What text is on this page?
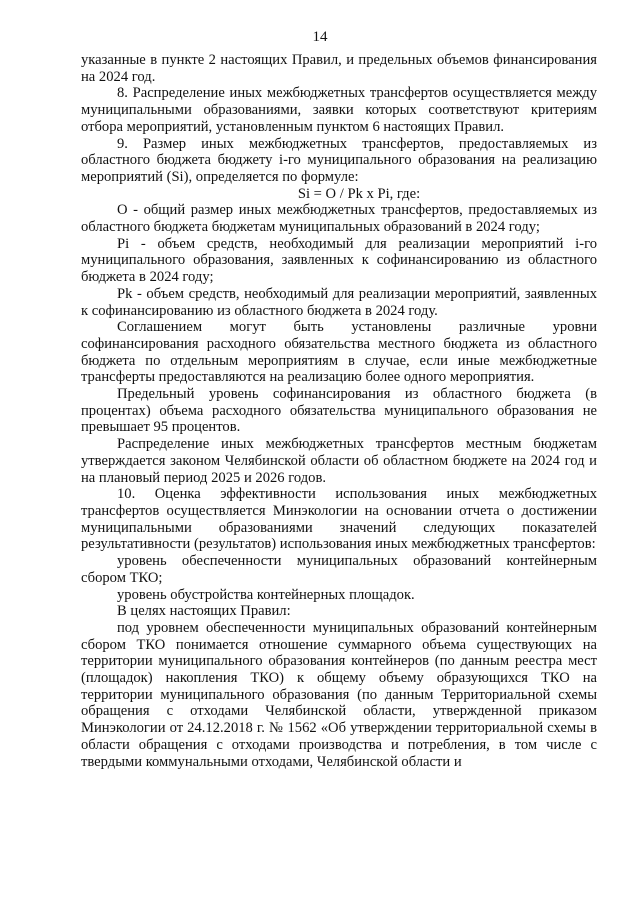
14

указанные в пункте 2 настоящих Правил, и предельных объемов финансирования на 2024 год.

8. Распределение иных межбюджетных трансфертов осуществляется между муниципальными образованиями, заявки которых соответствуют критериям отбора мероприятий, установленным пунктом 6 настоящих Правил.

9. Размер иных межбюджетных трансфертов, предоставляемых из областного бюджета бюджету i-го муниципального образования на реализацию мероприятий (Si), определяется по формуле:

Si = O / Pk x Pi, где:

O - общий размер иных межбюджетных трансфертов, предоставляемых из областного бюджета бюджетам муниципальных образований в 2024 году;

Pi - объем средств, необходимый для реализации мероприятий i-го муниципального образования, заявленных к софинансированию из областного бюджета в 2024 году;

Pk - объем средств, необходимый для реализации мероприятий, заявленных к софинансированию из областного бюджета в 2024 году.

Соглашением могут быть установлены различные уровни софинансирования расходного обязательства местного бюджета из областного бюджета по отдельным мероприятиям в случае, если иные межбюджетные трансферты предоставляются на реализацию более одного мероприятия.

Предельный уровень софинансирования из областного бюджета (в процентах) объема расходного обязательства муниципального образования не превышает 95 процентов.

Распределение иных межбюджетных трансфертов местным бюджетам утверждается законом Челябинской области об областном бюджете на 2024 год и на плановый период 2025 и 2026 годов.

10. Оценка эффективности использования иных межбюджетных трансфертов осуществляется Минэкологии на основании отчета о достижении муниципальными образованиями значений следующих показателей результативности (результатов) использования иных межбюджетных трансфертов:

уровень обеспеченности муниципальных образований контейнерным сбором ТКО;

уровень обустройства контейнерных площадок.

В целях настоящих Правил:

под уровнем обеспеченности муниципальных образований контейнерным сбором ТКО понимается отношение суммарного объема существующих на территории муниципального образования контейнеров (по данным реестра мест (площадок) накопления ТКО) к общему объему образующихся ТКО на территории муниципального образования (по данным Территориальной схемы обращения с отходами Челябинской области, утвержденной приказом Минэкологии от 24.12.2018 г. № 1562 «Об утверждении территориальной схемы в области обращения с отходами производства и потребления, в том числе с твердыми коммунальными отходами, Челябинской области и
